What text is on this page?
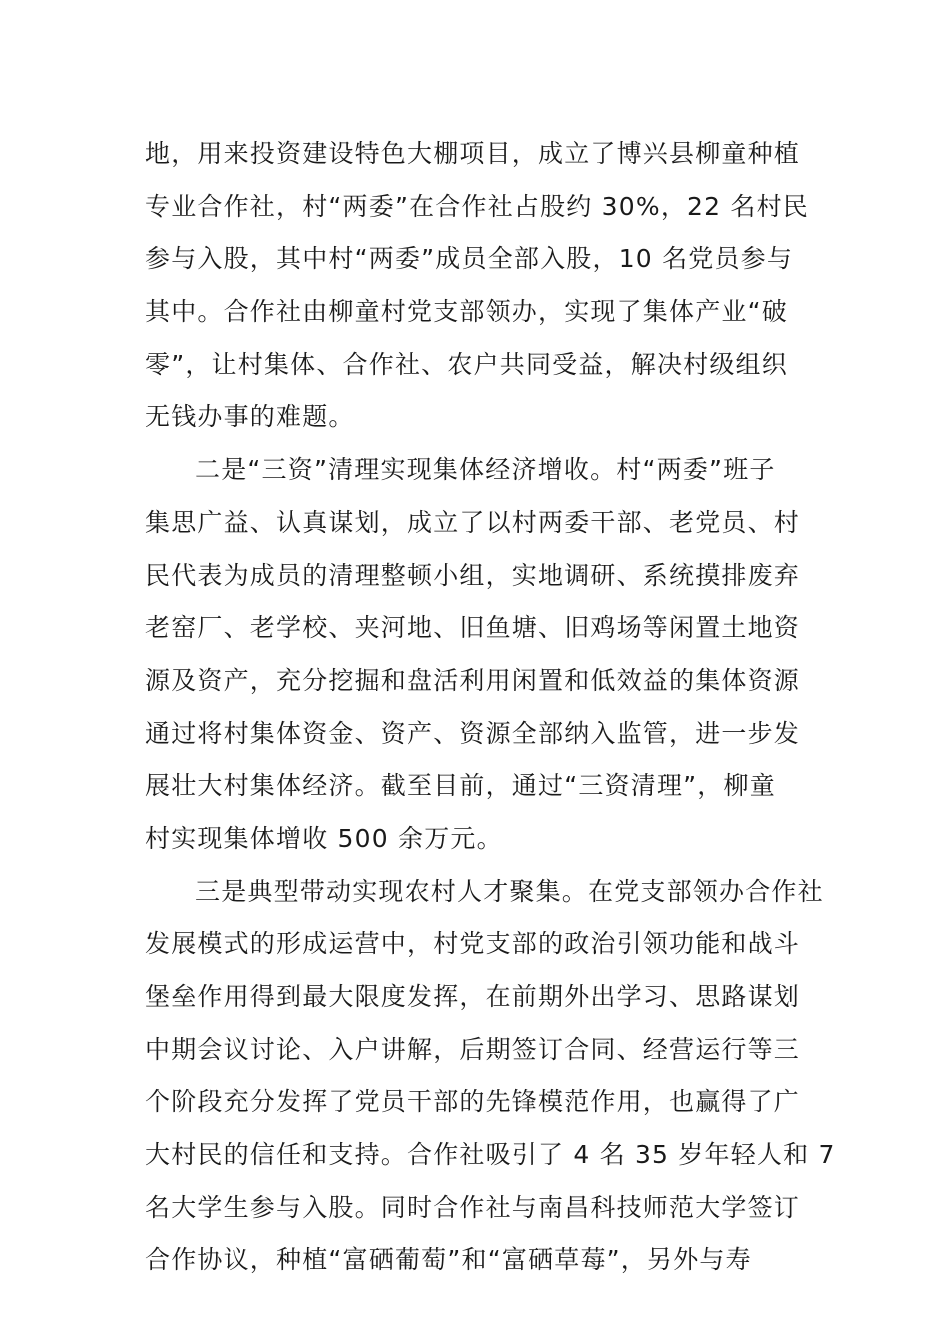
地，用来投资建设特色大棚项目，成立了博兴县柳童种植
专业合作社，村“两委”在合作社占股约 30%，22 名村民
参与入股，其中村“两委”成员全部入股，10 名党员参与
其中。合作社由柳童村党支部领办，实现了集体产业“破
零”，让村集体、合作社、农户共同受益，解决村级组织
无钱办事的难题。
二是“三资”清理实现集体经济增收。村“两委”班子
集思广益、认真谋划，成立了以村两委干部、老党员、村
民代表为成员的清理整顿小组，实地调研、系统摸排废弃
老窑厂、老学校、夹河地、旧鱼塘、旧鸡场等闲置土地资
源及资产，充分挖掘和盘活利用闲置和低效益的集体资源
通过将村集体资金、资产、资源全部纳入监管，进一步发
展壮大村集体经济。截至目前，通过“三资清理”，柳童
村实现集体增收 500 余万元。
三是典型带动实现农村人才聚集。在党支部领办合作社
发展模式的形成运营中，村党支部的政治引领功能和战斗
堡垒作用得到最大限度发挥，在前期外出学习、思路谋划
中期会议讨论、入户讲解，后期签订合同、经营运行等三
个阶段充分发挥了党员干部的先锋模范作用，也赢得了广
大村民的信任和支持。合作社吸引了 4 名 35 岁年轻人和 7
名大学生参与入股。同时合作社与南昌科技师范大学签订
合作协议，种植“富硒葡萄”和“富硒草莓”，另外与寿
